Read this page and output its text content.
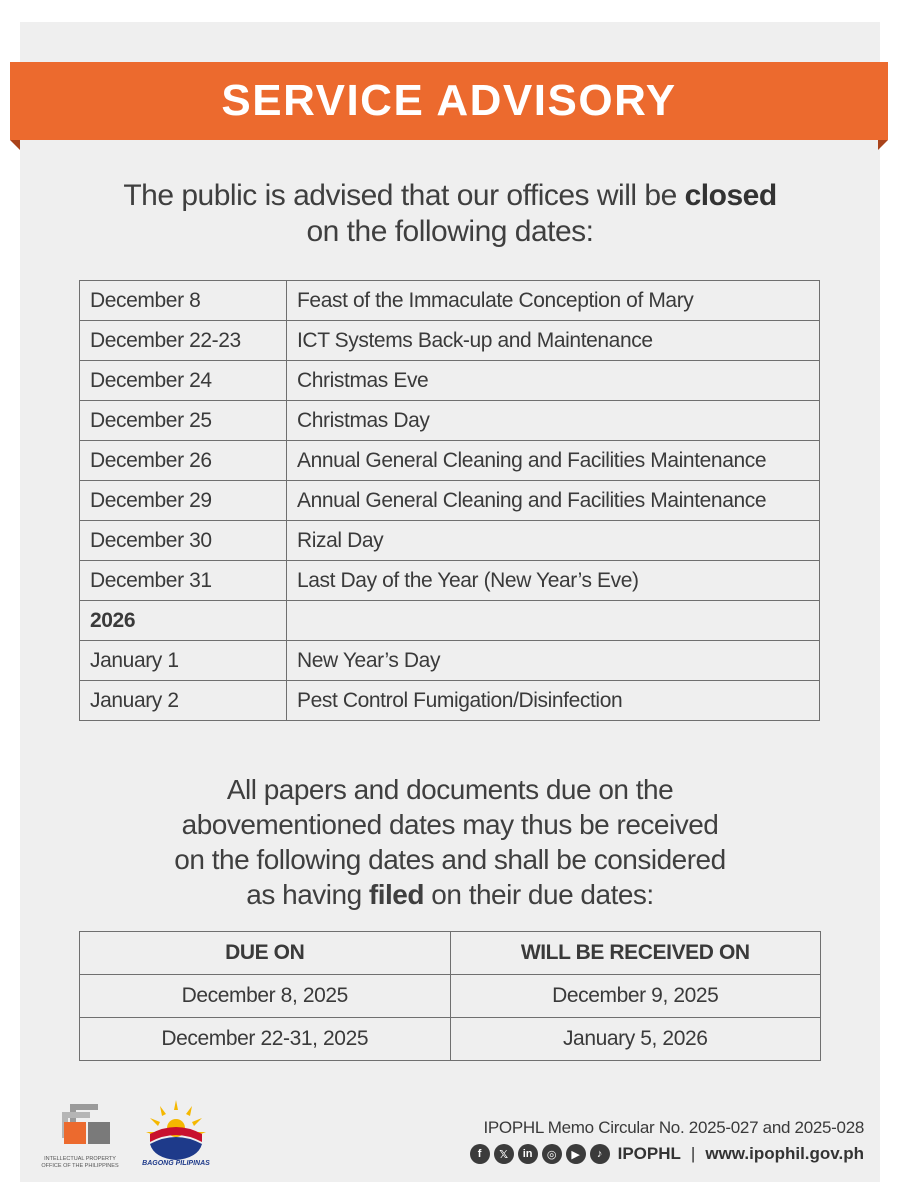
SERVICE ADVISORY
The public is advised that our offices will be closed
on the following dates:
December 8	Feast of the Immaculate Conception of Mary
December 22-23	ICT Systems Back-up and Maintenance
December 24	Christmas Eve
December 25	Christmas Day
December 26	Annual General Cleaning and Facilities Maintenance
December 29	Annual General Cleaning and Facilities Maintenance
December 30	Rizal Day
December 31	Last Day of the Year (New Year’s Eve)
2026	
January 1	New Year’s Day
January 2	Pest Control Fumigation/Disinfection
All papers and documents due on the
abovementioned dates may thus be received
on the following dates and shall be considered
as having filed on their due dates:
DUE ON	WILL BE RECEIVED ON
December 8, 2025	December 9, 2025
December 22-31, 2025	January 5, 2026
INTELLECTUAL PROPERTY
OFFICE OF THE PHILIPPINES	BAGONG PILIPINAS
IPOPHL Memo Circular No. 2025-027 and 2025-028
f	𝕏	in	◎	▶	♪ IPOPHL | www.ipophil.gov.ph
